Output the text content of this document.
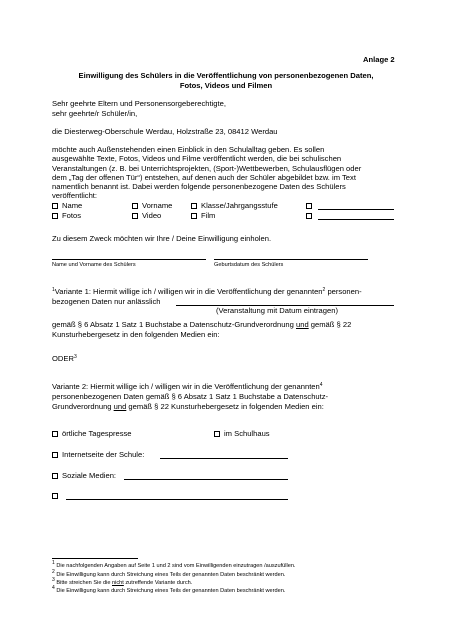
Anlage 2
Einwilligung des Schülers in die Veröffentlichung von personenbezogenen Daten,
Fotos, Videos und Filmen
Sehr geehrte Eltern und Personensorgeberechtigte,
sehr geehrte/r Schüler/in,
die Diesterweg-Oberschule Werdau, Holzstraße 23, 08412 Werdau
möchte auch Außenstehenden einen Einblick in den Schulalltag geben. Es sollen
ausgewählte Texte, Fotos, Videos und Filme veröffentlicht werden, die bei schulischen
Veranstaltungen (z. B. bei Unterrichtsprojekten, (Sport-)Wettbewerben, Schulausflügen oder
dem „Tag der offenen Tür“) entstehen, auf denen auch der Schüler abgebildet bzw. im Text
namentlich benannt ist. Dabei werden folgende personenbezogene Daten des Schülers
veröffentlicht:
Name	Vorname	Klasse/Jahrgangsstufe
Fotos	Video	Film
Zu diesem Zweck möchten wir Ihre / Deine Einwilligung einholen.
Name und Vorname des Schülers	Geburtsdatum des Schülers
$^1$Variante 1: Hiermit willige ich / willigen wir in die Veröffentlichung der genannten$^2$ personen-
bezogenen Daten nur anlässlich
(Veranstaltung mit Datum eintragen)
gemäß § 6 Absatz 1 Satz 1 Buchstabe a Datenschutz-Grundverordnung und gemäß § 22
Kunsturhebergesetz in den folgenden Medien ein:
ODER$^3$
Variante 2: Hiermit willige ich / willigen wir in die Veröffentlichung der genannten$^4$
personenbezogenen Daten gemäß § 6 Absatz 1 Satz 1 Buchstabe a Datenschutz-
Grundverordnung und gemäß § 22 Kunsturhebergesetz in folgenden Medien ein:
örtliche Tagespresse	im Schulhaus
Internetseite der Schule:
Soziale Medien:
$^1$ Die nachfolgenden Angaben auf Seite 1 und 2 sind vom Einwilligenden einzutragen /auszufüllen.
$^2$ Die Einwilligung kann durch Streichung eines Teils der genannten Daten beschränkt werden.
$^3$ Bitte streichen Sie die nicht zutreffende Variante durch.
$^4$ Die Einwilligung kann durch Streichung eines Teils der genannten Daten beschränkt werden.
